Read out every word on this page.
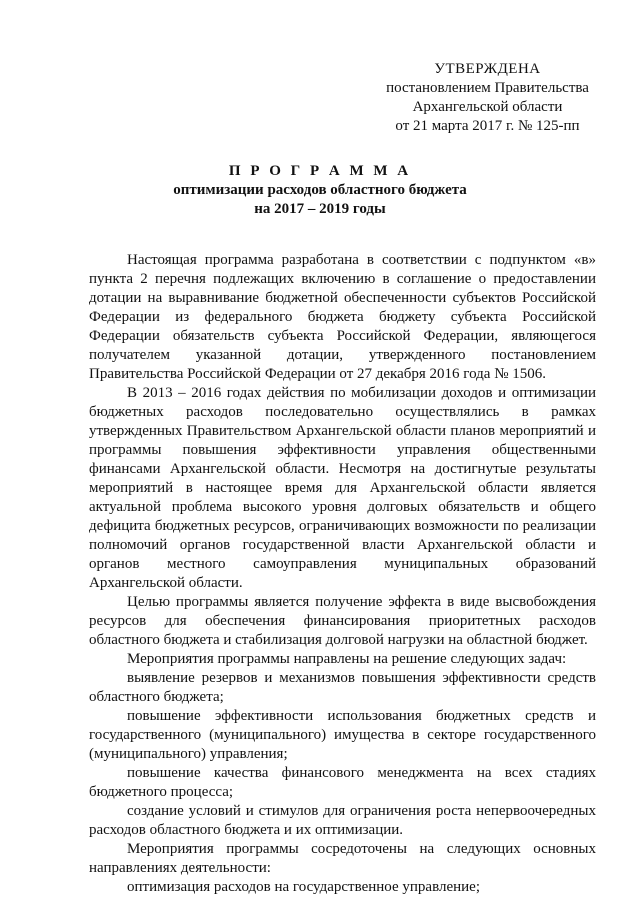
УТВЕРЖДЕНА
постановлением Правительства
Архангельской области
от 21 марта 2017 г. № 125-пп
П Р О Г Р А М М А
оптимизации расходов областного бюджета
на 2017 – 2019 годы

Настоящая программа разработана в соответствии с подпунктом «в» пункта 2 перечня подлежащих включению в соглашение о предоставлении дотации на выравнивание бюджетной обеспеченности субъектов Российской Федерации из федерального бюджета бюджету субъекта Российской Федерации обязательств субъекта Российской Федерации, являющегося получателем указанной дотации, утвержденного постановлением Правительства Российской Федерации от 27 декабря 2016 года № 1506.

В 2013 – 2016 годах действия по мобилизации доходов и оптимизации бюджетных расходов последовательно осуществлялись в рамках утвержденных Правительством Архангельской области планов мероприятий и программы повышения эффективности управления общественными финансами Архангельской области. Несмотря на достигнутые результаты мероприятий в настоящее время для Архангельской области является актуальной проблема высокого уровня долговых обязательств и общего дефицита бюджетных ресурсов, ограничивающих возможности по реализации полномочий органов государственной власти Архангельской области и органов местного самоуправления муниципальных образований Архангельской области.

Целью программы является получение эффекта в виде высвобождения ресурсов для обеспечения финансирования приоритетных расходов областного бюджета и стабилизация долговой нагрузки на областной бюджет.

Мероприятия программы направлены на решение следующих задач:

выявление резервов и механизмов повышения эффективности средств областного бюджета;

повышение эффективности использования бюджетных средств и государственного (муниципального) имущества в секторе государственного (муниципального) управления;

повышение качества финансового менеджмента на всех стадиях бюджетного процесса;

создание условий и стимулов для ограничения роста непервоочередных расходов областного бюджета и их оптимизации.

Мероприятия программы сосредоточены на следующих основных направлениях деятельности:

оптимизация расходов на государственное управление;
